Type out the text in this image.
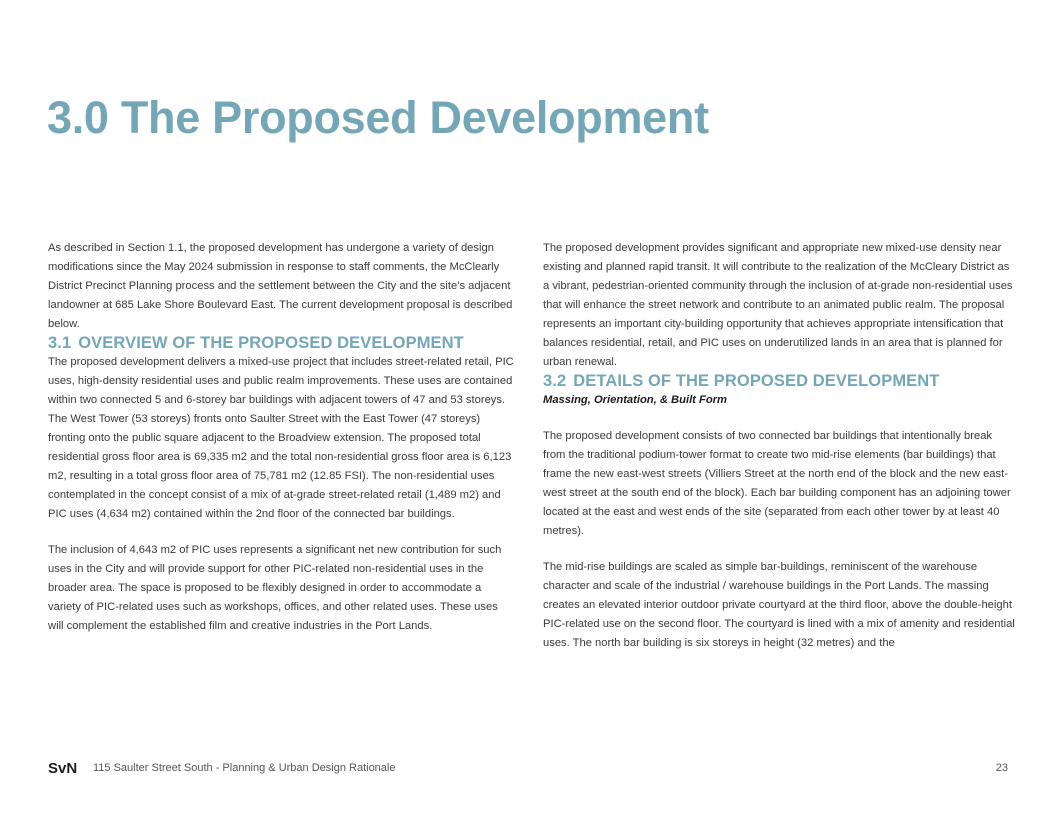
3.0 The Proposed Development

As described in Section 1.1, the proposed development has undergone a variety of design modifications since the May 2024 submission in response to staff comments, the McClearly District Precinct Planning process and the settlement between the City and the site’s adjacent landowner at 685 Lake Shore Boulevard East. The current development proposal is described below.

3.1 OVERVIEW OF THE PROPOSED DEVELOPMENT

The proposed development delivers a mixed-use project that includes street-related retail, PIC uses, high-density residential uses and public realm improvements. These uses are contained within two connected 5 and 6-storey bar buildings with adjacent towers of 47 and 53 storeys. The West Tower (53 storeys) fronts onto Saulter Street with the East Tower (47 storeys) fronting onto the public square adjacent to the Broadview extension. The proposed total residential gross floor area is 69,335 m2 and the total non-residential gross floor area is 6,123 m2, resulting in a total gross floor area of 75,781 m2 (12.85 FSI). The non-residential uses contemplated in the concept consist of a mix of at-grade street-related retail (1,489 m2) and PIC uses (4,634 m2) contained within the 2nd floor of the connected bar buildings.

The inclusion of 4,643 m2 of PIC uses represents a significant net new contribution for such uses in the City and will provide support for other PIC-related non-residential uses in the broader area. The space is proposed to be flexibly designed in order to accommodate a variety of PIC-related uses such as workshops, offices, and other related uses. These uses will complement the established film and creative industries in the Port Lands.

The proposed development provides significant and appropriate new mixed-use density near existing and planned rapid transit. It will contribute to the realization of the McCleary District as a vibrant, pedestrian-oriented community through the inclusion of at-grade non-residential uses that will enhance the street network and contribute to an animated public realm. The proposal represents an important city-building opportunity that achieves appropriate intensification that balances residential, retail, and PIC uses on underutilized lands in an area that is planned for urban renewal.

3.2 DETAILS OF THE PROPOSED DEVELOPMENT

Massing, Orientation, & Built Form

The proposed development consists of two connected bar buildings that intentionally break from the traditional podium-tower format to create two mid-rise elements (bar buildings) that frame the new east-west streets (Villiers Street at the north end of the block and the new east-west street at the south end of the block). Each bar building component has an adjoining tower located at the east and west ends of the site (separated from each other tower by at least 40 metres).

The mid-rise buildings are scaled as simple bar-buildings, reminiscent of the warehouse character and scale of the industrial / warehouse buildings in the Port Lands. The massing creates an elevated interior outdoor private courtyard at the third floor, above the double-height PIC-related use on the second floor. The courtyard is lined with a mix of amenity and residential uses. The north bar building is six storeys in height (32 metres) and the

SvN 115 Saulter Street South - Planning & Urban Design Rationale	23
